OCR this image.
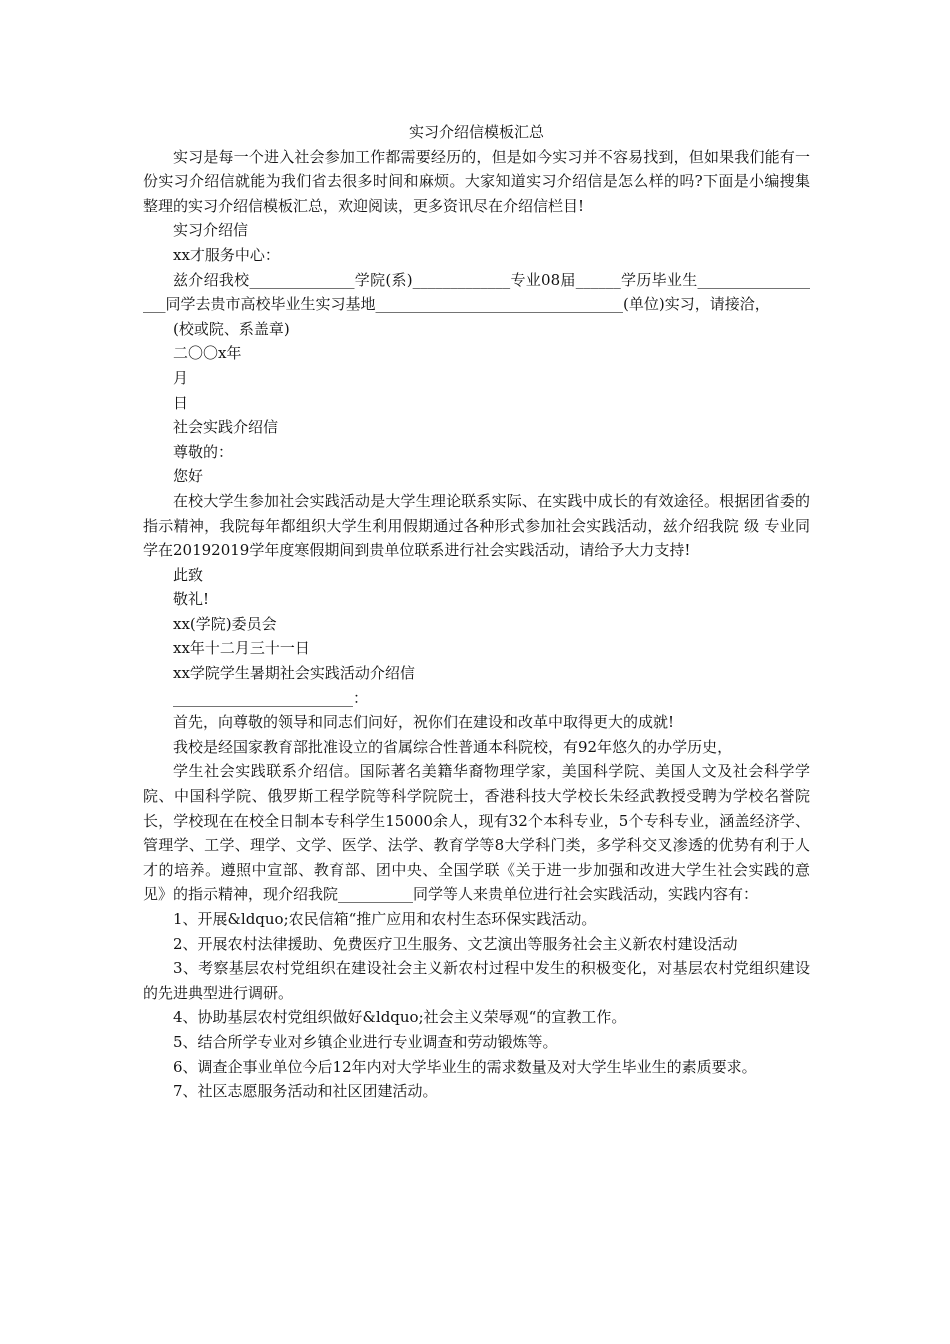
实习介绍信模板汇总

实习是每一个进入社会参加工作都需要经历的，但是如今实习并不容易找到，但如果我们能有一份实习介绍信就能为我们省去很多时间和麻烦。大家知道实习介绍信是怎么样的吗?下面是小编搜集整理的实习介绍信模板汇总，欢迎阅读，更多资讯尽在介绍信栏目!

实习介绍信

xx才服务中心：

兹介绍我校______________学院(系)_____________专业08届______学历毕业生__________________同学去贵市高校毕业生实习基地_________________________________(单位)实习，请接洽，

(校或院、系盖章)

二〇〇x年

月

日

社会实践介绍信

尊敬的：

您好

在校大学生参加社会实践活动是大学生理论联系实际、在实践中成长的有效途径。根据团省委的指示精神，我院每年都组织大学生利用假期通过各种形式参加社会实践活动，兹介绍我院 级 专业同学在20192019学年度寒假期间到贵单位联系进行社会实践活动，请给予大力支持!

此致

敬礼!

xx(学院)委员会

xx年十二月三十一日

xx学院学生暑期社会实践活动介绍信

________________________：

首先，向尊敬的领导和同志们问好，祝你们在建设和改革中取得更大的成就!

我校是经国家教育部批准设立的省属综合性普通本科院校，有92年悠久的办学历史，

学生社会实践联系介绍信。国际著名美籍华裔物理学家，美国科学院、美国人文及社会科学学院、中国科学院、俄罗斯工程学院等科学院院士，香港科技大学校长朱经武教授受聘为学校名誉院长，学校现在在校全日制本专科学生15000余人，现有32个本科专业，5个专科专业，涵盖经济学、管理学、工学、理学、文学、医学、法学、教育学等8大学科门类，多学科交叉渗透的优势有利于人才的培养。遵照中宣部、教育部、团中央、全国学联《关于进一步加强和改进大学生社会实践的意见》的指示精神，现介绍我院__________同学等人来贵单位进行社会实践活动，实践内容有：

1、开展&ldquo;农民信箱“推广应用和农村生态环保实践活动。

2、开展农村法律援助、免费医疗卫生服务、文艺演出等服务社会主义新农村建设活动

3、考察基层农村党组织在建设社会主义新农村过程中发生的积极变化，对基层农村党组织建设的先进典型进行调研。

4、协助基层农村党组织做好&ldquo;社会主义荣辱观“的宣教工作。

5、结合所学专业对乡镇企业进行专业调查和劳动锻炼等。

6、调查企事业单位今后12年内对大学毕业生的需求数量及对大学生毕业生的素质要求。

7、社区志愿服务活动和社区团建活动。
